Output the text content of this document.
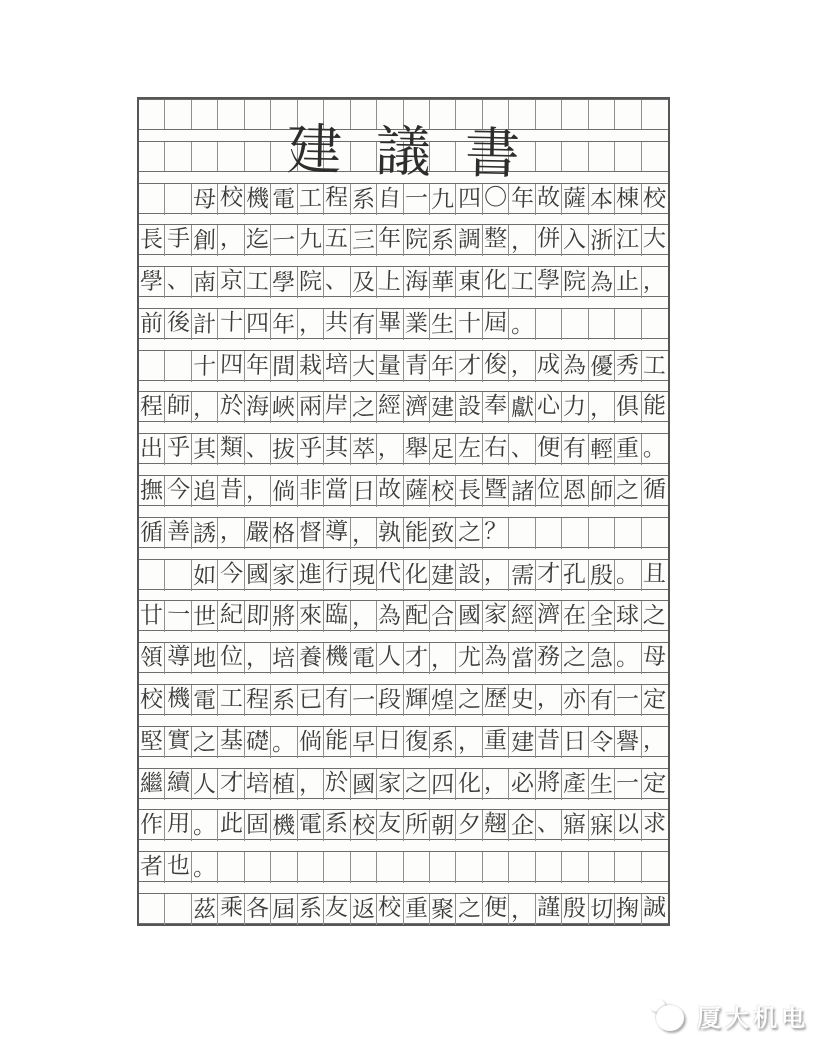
母 校 機 電 工 程 系 自 一 九 四 〇 年 故 薩 本 棟 校
長 手 創 ， 迄 一 九 五 三 年 院 系 調 整 ， 併 入 浙 江 大
學 、 南 京 工 學 院 、 及 上 海 華 東 化 工 學 院 為 止 ，
前 後 計 十 四 年 ， 共 有 畢 業 生 十 屆 。
十 四 年 間 栽 培 大 量 青 年 才 俊 ， 成 為 優 秀 工
程 師 ， 於 海 峽 兩 岸 之 經 濟 建 設 奉 獻 心 力 ， 俱 能
出 乎 其 類 、 拔 乎 其 萃 ， 舉 足 左 右 、 便 有 輕 重 。
撫 今 追 昔 ， 倘 非 當 日 故 薩 校 長 暨 諸 位 恩 師 之 循
循 善 誘 ， 嚴 格 督 導 ， 孰 能 致 之 ？
如 今 國 家 進 行 現 代 化 建 設 ， 需 才 孔 殷 。 且
廿 一 世 紀 即 將 來 臨 ， 為 配 合 國 家 經 濟 在 全 球 之
領 導 地 位 ， 培 養 機 電 人 才 ， 尤 為 當 務 之 急 。 母
校 機 電 工 程 系 已 有 一 段 輝 煌 之 歷 史 ， 亦 有 一 定
堅 實 之 基 礎 。 倘 能 早 日 復 系 ， 重 建 昔 日 令 譽 ，
繼 續 人 才 培 植 ， 於 國 家 之 四 化 ， 必 將 產 生 一 定
作 用 。 此 固 機 電 系 校 友 所 朝 夕 翹 企 、 寤 寐 以 求
者 也 。
茲 乘 各 屆 系 友 返 校 重 聚 之 便 ， 謹 殷 切 掬 誠
建議書
厦大机电
